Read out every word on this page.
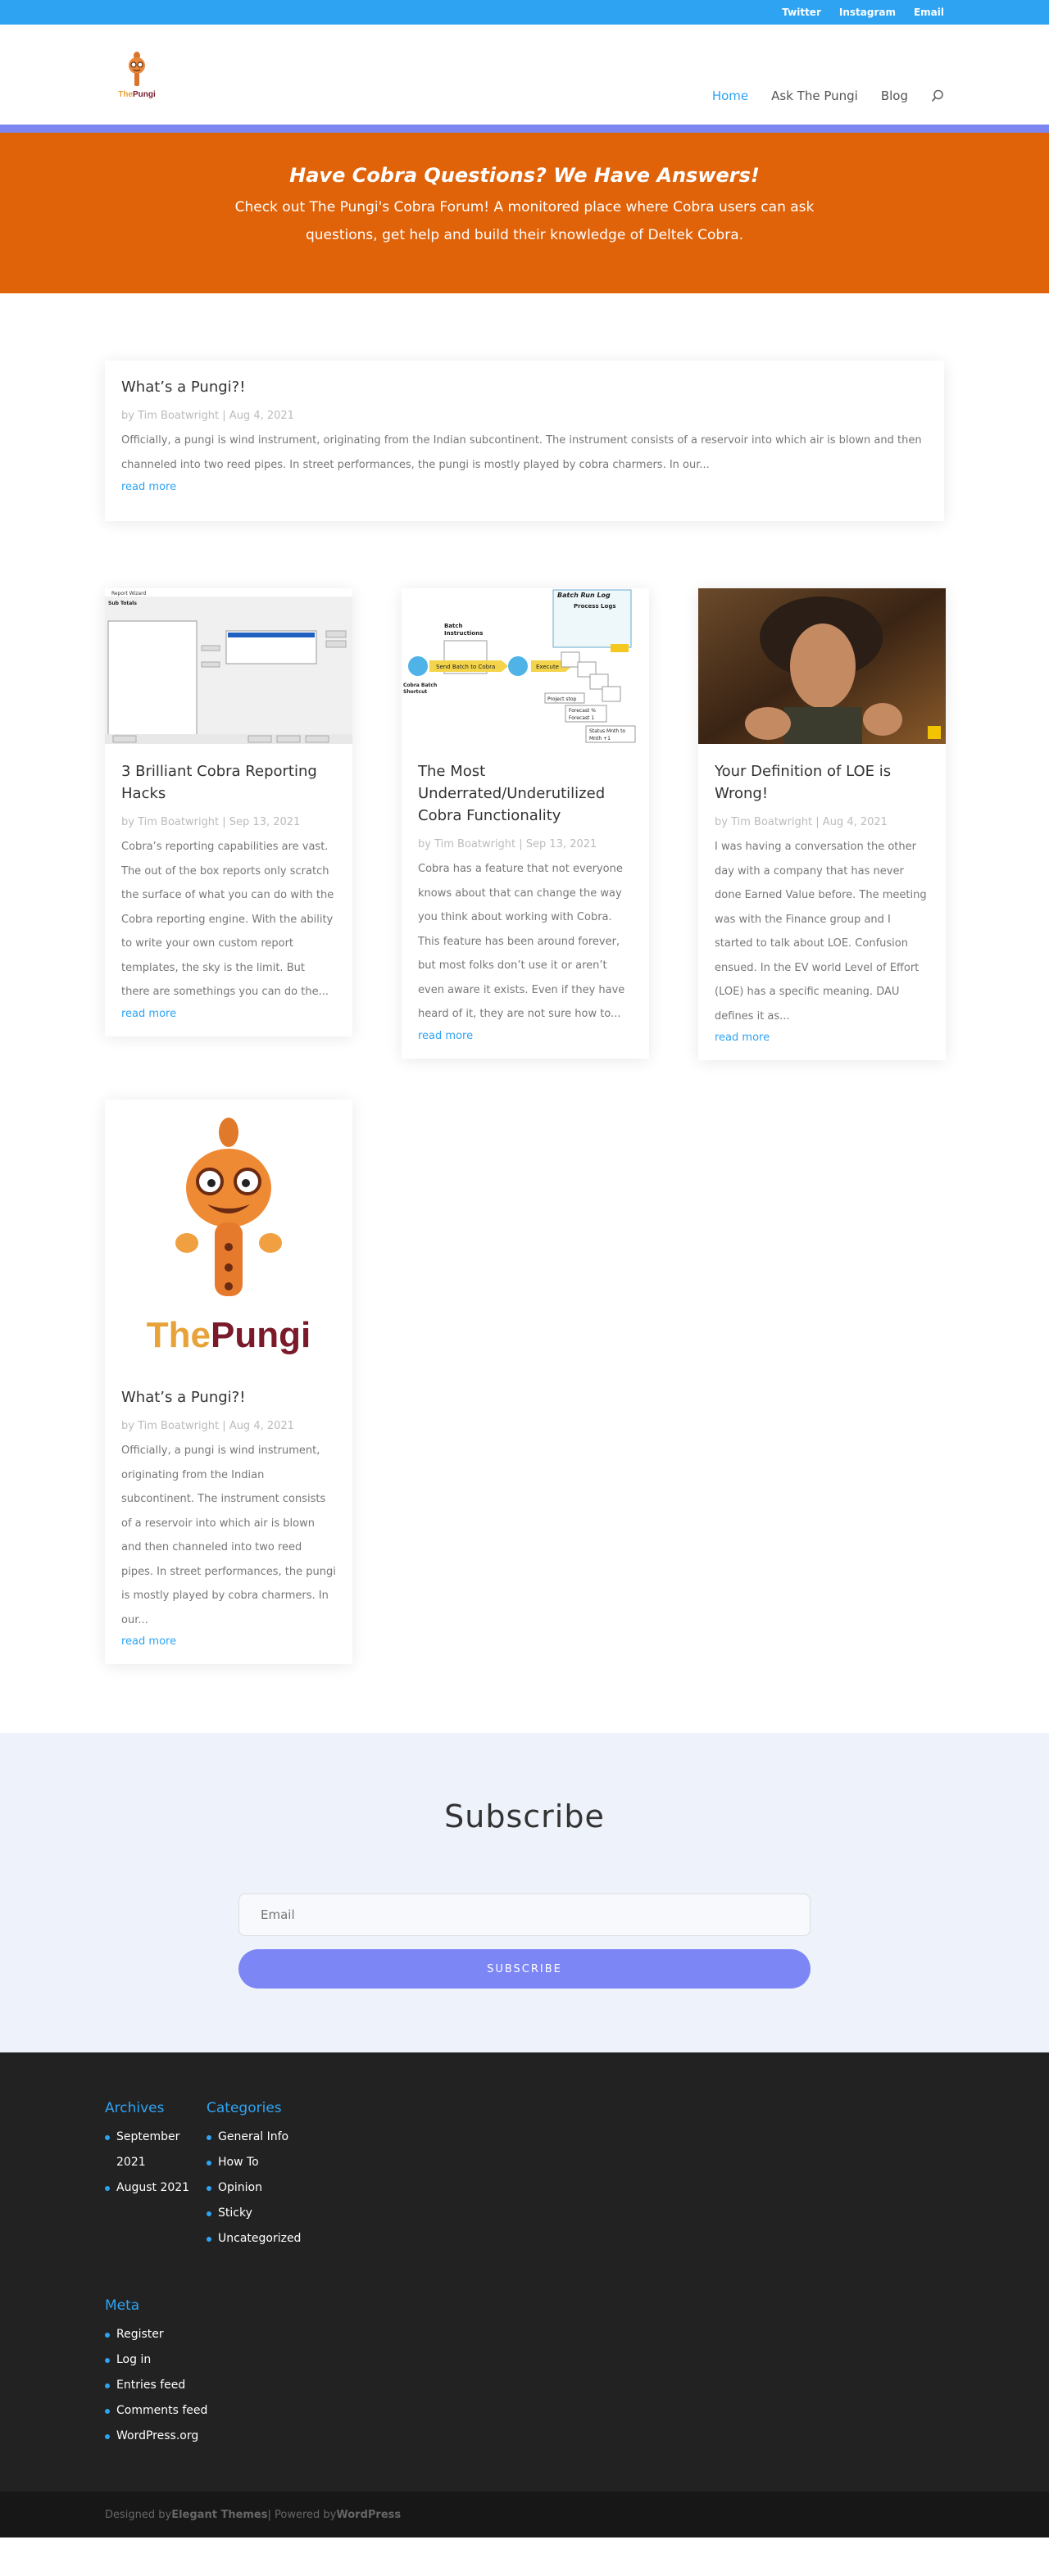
Twitter Instagram Email
ThePungi	Home Ask The Pungi Blog
Have Cobra Questions? We Have Answers!

Check out The Pungi's Cobra Forum! A monitored place where Cobra users can ask questions, get help and build their knowledge of Deltek Cobra.

What’s a Pungi?!
by Tim Boatwright | Aug 4, 2021
Officially, a pungi is wind instrument, originating from the Indian subcontinent. The instrument consists of a reservoir into which air is blown and then channeled into two reed pipes. In street performances, the pungi is mostly played by cobra charmers. In our...
read more
Report Wizard
Sub Totals
3 Brilliant Cobra Reporting Hacks
by Tim Boatwright | Sep 13, 2021
Cobra’s reporting capabilities are vast. The out of the box reports only scratch the surface of what you can do with the Cobra reporting engine. With the ability to write your own custom report templates, the sky is the limit. But there are somethings you can do the...
read more
Batch Run Log
Process Logs
Batch
Instructions
Send Batch to Cobra	Execute
Cobra Batch
Shortcut
Project stop
Forecast %
Forecast 1
Status Mnth to
Mnth +1
The Most Underrated/Underutilized Cobra Functionality
by Tim Boatwright | Sep 13, 2021
Cobra has a feature that not everyone knows about that can change the way you think about working with Cobra. This feature has been around forever, but most folks don’t use it or aren’t even aware it exists. Even if they have heard of it, they are not sure how to...
read more
Your Definition of LOE is Wrong!
by Tim Boatwright | Aug 4, 2021
I was having a conversation the other day with a company that has never done Earned Value before. The meeting was with the Finance group and I started to talk about LOE. Confusion ensued. In the EV world Level of Effort (LOE) has a specific meaning. DAU defines it as...
read more
ThePungi
What’s a Pungi?!
by Tim Boatwright | Aug 4, 2021
Officially, a pungi is wind instrument, originating from the Indian subcontinent. The instrument consists of a reservoir into which air is blown and then channeled into two reed pipes. In street performances, the pungi is mostly played by cobra charmers. In our...
read more
Subscribe
Email SUBSCRIBE
Archives
September 2021
August 2021
Categories
General Info
How To
Opinion
Sticky
Uncategorized
Meta
Register
Log in
Entries feed
Comments feed
WordPress.org
Designed by Elegant Themes | Powered by WordPress
